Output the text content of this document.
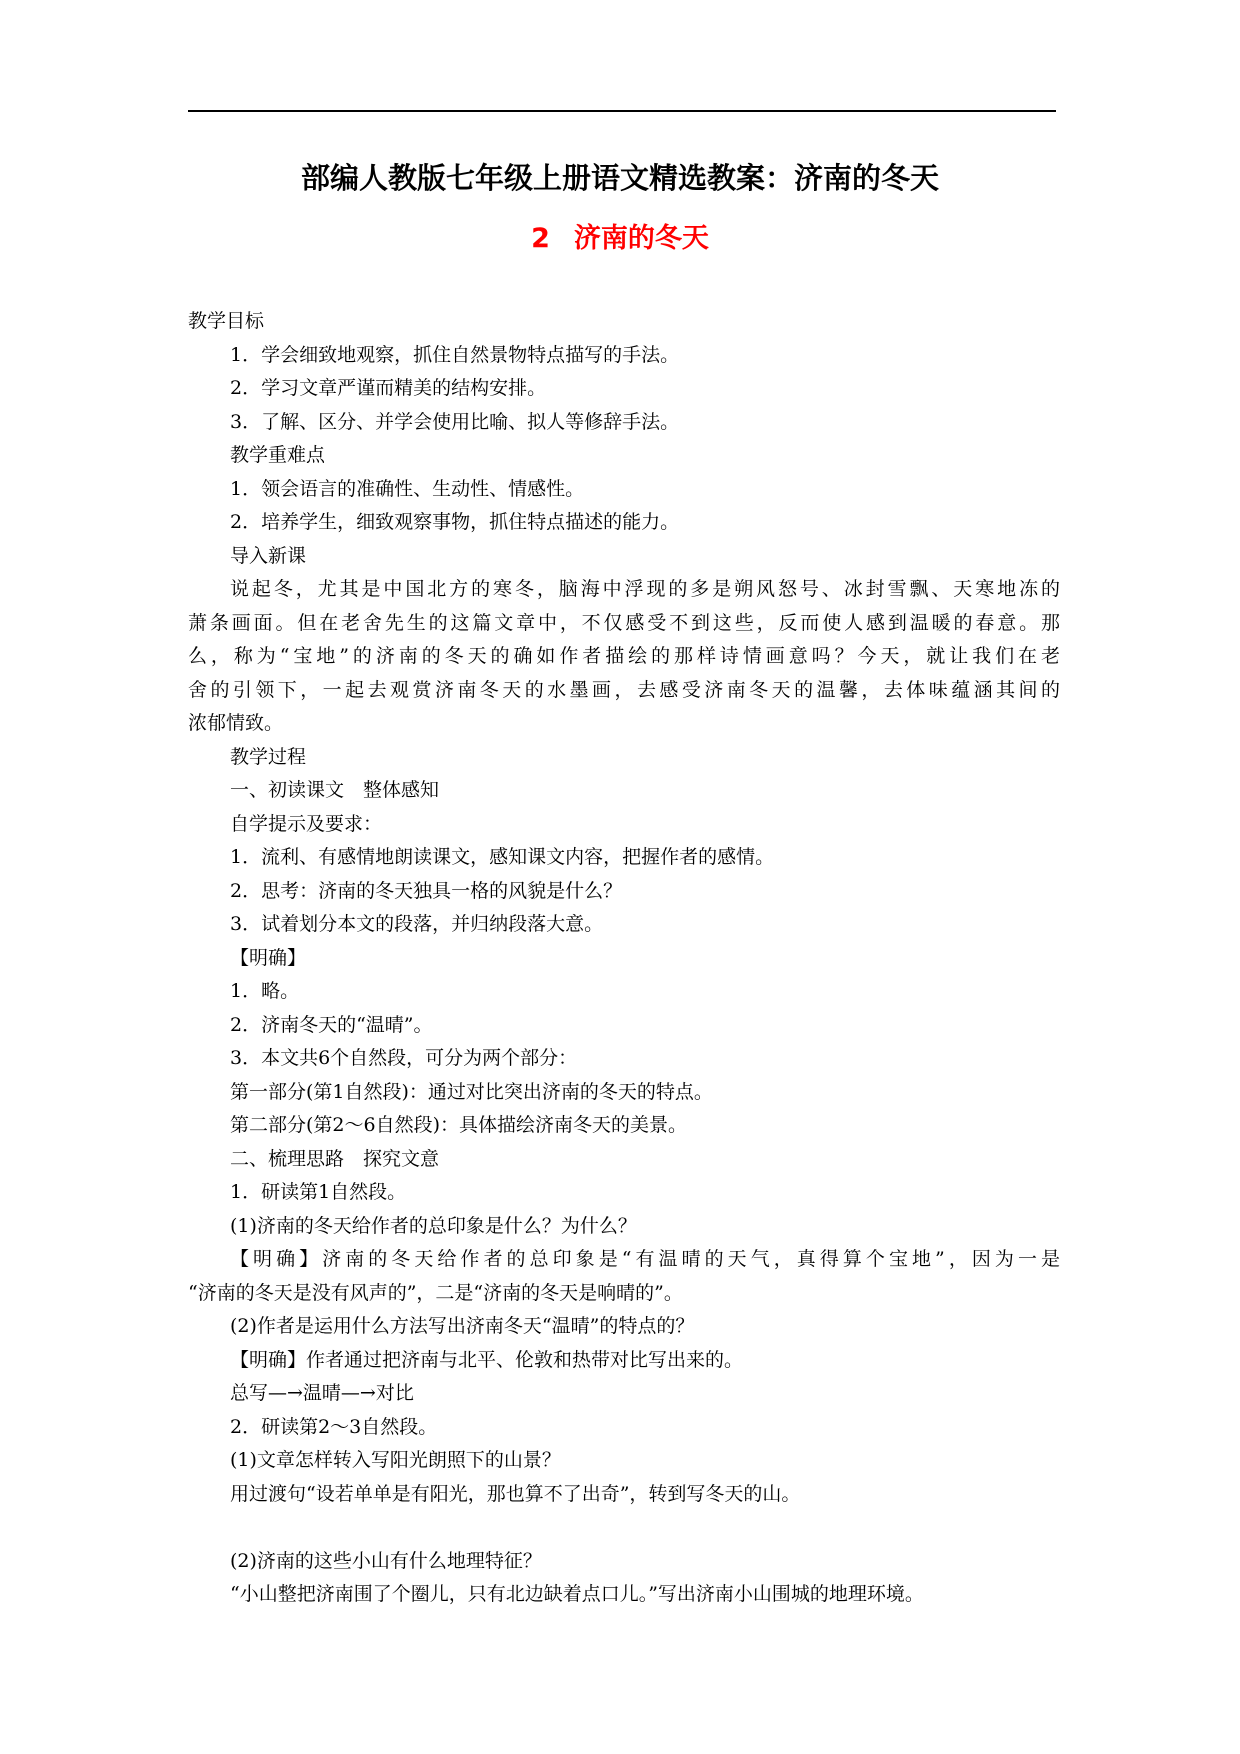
部编人教版七年级上册语文精选教案：济南的冬天
2 济南的冬天
教学目标
1．学会细致地观察，抓住自然景物特点描写的手法。
2．学习文章严谨而精美的结构安排。
3．了解、区分、并学会使用比喻、拟人等修辞手法。
教学重难点
1．领会语言的准确性、生动性、情感性。
2．培养学生，细致观察事物，抓住特点描述的能力。
导入新课
说起冬，尤其是中国北方的寒冬，脑海中浮现的多是朔风怒号、冰封雪飘、天寒地冻的
萧条画面。但在老舍先生的这篇文章中，不仅感受不到这些，反而使人感到温暖的春意。那
么，称为“宝地”的济南的冬天的确如作者描绘的那样诗情画意吗？今天，就让我们在老
舍的引领下，一起去观赏济南冬天的水墨画，去感受济南冬天的温馨，去体味蕴涵其间的
浓郁情致。
教学过程
一、初读课文　整体感知
自学提示及要求：
1．流利、有感情地朗读课文，感知课文内容，把握作者的感情。
2．思考：济南的冬天独具一格的风貌是什么？
3．试着划分本文的段落，并归纳段落大意。
【明确】
1．略。
2．济南冬天的“温晴”。
3．本文共6个自然段，可分为两个部分：
第一部分(第1自然段)：通过对比突出济南的冬天的特点。
第二部分(第2～6自然段)：具体描绘济南冬天的美景。
二、梳理思路　探究文意
1．研读第1自然段。
(1)济南的冬天给作者的总印象是什么？为什么？
【明确】济南的冬天给作者的总印象是“有温晴的天气，真得算个宝地”，因为一是
“济南的冬天是没有风声的”，二是“济南的冬天是响晴的”。
(2)作者是运用什么方法写出济南冬天“温晴”的特点的？
【明确】作者通过把济南与北平、伦敦和热带对比写出来的。
总写—→温晴—→对比
2．研读第2～3自然段。
(1)文章怎样转入写阳光朗照下的山景？
用过渡句“设若单单是有阳光，那也算不了出奇”，转到写冬天的山。
(2)济南的这些小山有什么地理特征？
“小山整把济南围了个圈儿，只有北边缺着点口儿。”写出济南小山围城的地理环境。
